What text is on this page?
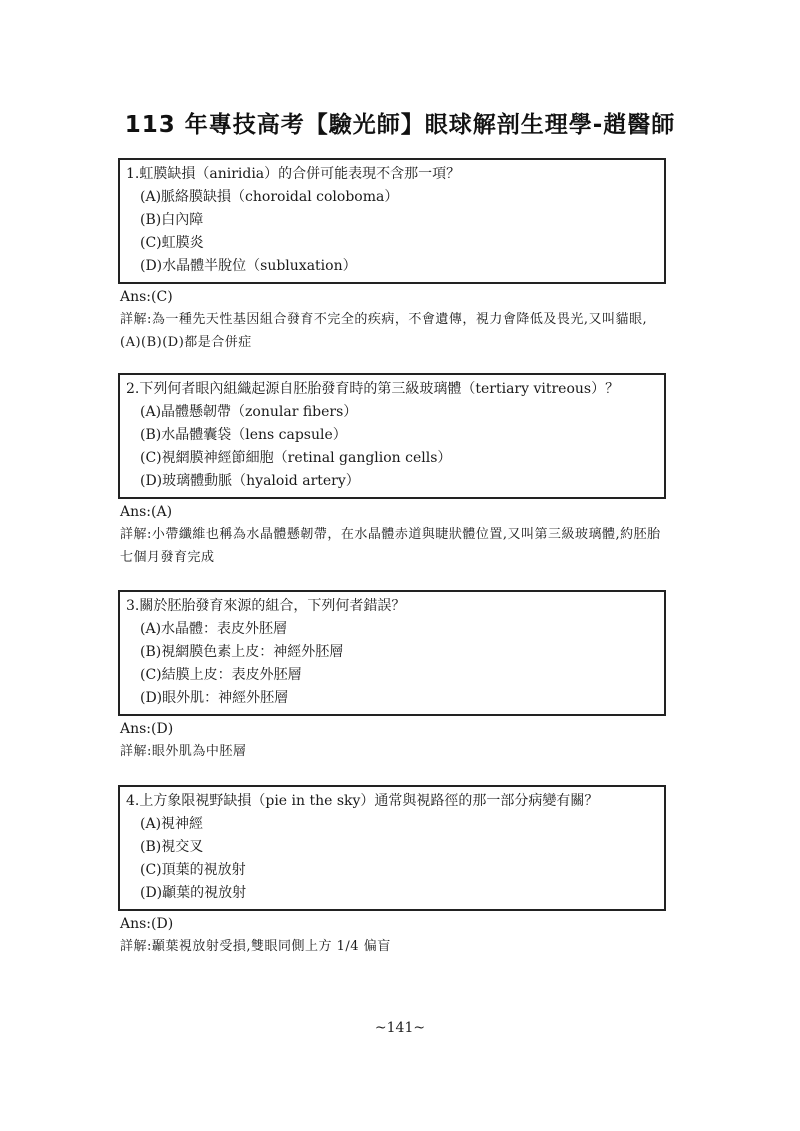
113 年專技高考【驗光師】眼球解剖生理學-趙醫師
1.虹膜缺損（aniridia）的合併可能表現不含那一項？
(A)脈絡膜缺損（choroidal coloboma）
(B)白內障
(C)虹膜炎
(D)水晶體半脫位（subluxation）
Ans:(C)
詳解:為一種先天性基因組合發育不完全的疾病，不會遺傳，視力會降低及畏光,又叫貓眼,(A)(B)(D)都是合併症
2.下列何者眼內組織起源自胚胎發育時的第三級玻璃體（tertiary vitreous）？
(A)晶體懸韌帶（zonular fibers）
(B)水晶體囊袋（lens capsule）
(C)視網膜神經節細胞（retinal ganglion cells）
(D)玻璃體動脈（hyaloid artery）
Ans:(A)
詳解:小帶纖維也稱為水晶體懸韌帶，在水晶體赤道與睫狀體位置,又叫第三級玻璃體,約胚胎七個月發育完成
3.關於胚胎發育來源的組合，下列何者錯誤？
(A)水晶體：表皮外胚層
(B)視網膜色素上皮：神經外胚層
(C)結膜上皮：表皮外胚層
(D)眼外肌：神經外胚層
Ans:(D)
詳解:眼外肌為中胚層
4.上方象限視野缺損（pie in the sky）通常與視路徑的那一部分病變有關？
(A)視神經
(B)視交叉
(C)頂葉的視放射
(D)顳葉的視放射
Ans:(D)
詳解:顳葉視放射受損,雙眼同側上方 1/4 偏盲
~141~
